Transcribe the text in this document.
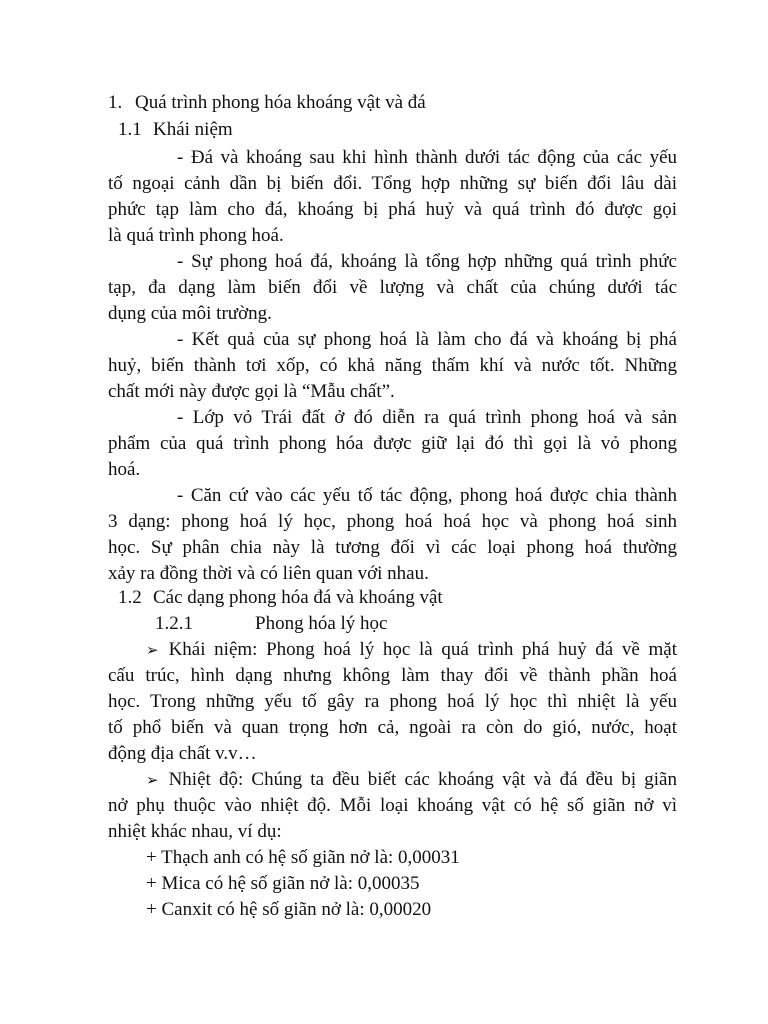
1. Quá trình phong hóa khoáng vật và đá
1.1 Khái niệm
- Đá và khoáng sau khi hình thành dưới tác động của các yếu
tố ngoại cảnh dần bị biến đổi. Tổng hợp những sự biến đổi lâu dài
phức tạp làm cho đá, khoáng bị phá huỷ và quá trình đó được gọi
là quá trình phong hoá.
- Sự phong hoá đá, khoáng là tổng hợp những quá trình phức
tạp, đa dạng làm biến đổi về lượng và chất của chúng dưới tác
dụng của môi trường.
- Kết quả của sự phong hoá là làm cho đá và khoáng bị phá
huỷ, biến thành tơi xốp, có khả năng thấm khí và nước tốt. Những
chất mới này được gọi là “Mẫu chất”.
- Lớp vỏ Trái đất ở đó diễn ra quá trình phong hoá và sản
phẩm của quá trình phong hóa được giữ lại đó thì gọi là vỏ phong
hoá.
- Căn cứ vào các yếu tố tác động, phong hoá được chia thành
3 dạng: phong hoá lý học, phong hoá hoá học và phong hoá sinh
học. Sự phân chia này là tương đối vì các loại phong hoá thường
xảy ra đồng thời và có liên quan với nhau.
1.2 Các dạng phong hóa đá và khoáng vật
1.2.1	Phong hóa lý học
➢ Khái niệm: Phong hoá lý học là quá trình phá huỷ đá về mặt
cấu trúc, hình dạng nhưng không làm thay đổi về thành phần hoá
học. Trong những yếu tố gây ra phong hoá lý học thì nhiệt là yếu
tố phổ biến và quan trọng hơn cả, ngoài ra còn do gió, nước, hoạt
động địa chất v.v…
➢ Nhiệt độ: Chúng ta đều biết các khoáng vật và đá đều bị giãn
nở phụ thuộc vào nhiệt độ. Mỗi loại khoáng vật có hệ số giãn nở vì
nhiệt khác nhau, ví dụ:
+ Thạch anh có hệ số giãn nở là: 0,00031
+ Mica có hệ số giãn nở là: 0,00035
+ Canxit có hệ số giãn nở là: 0,00020
